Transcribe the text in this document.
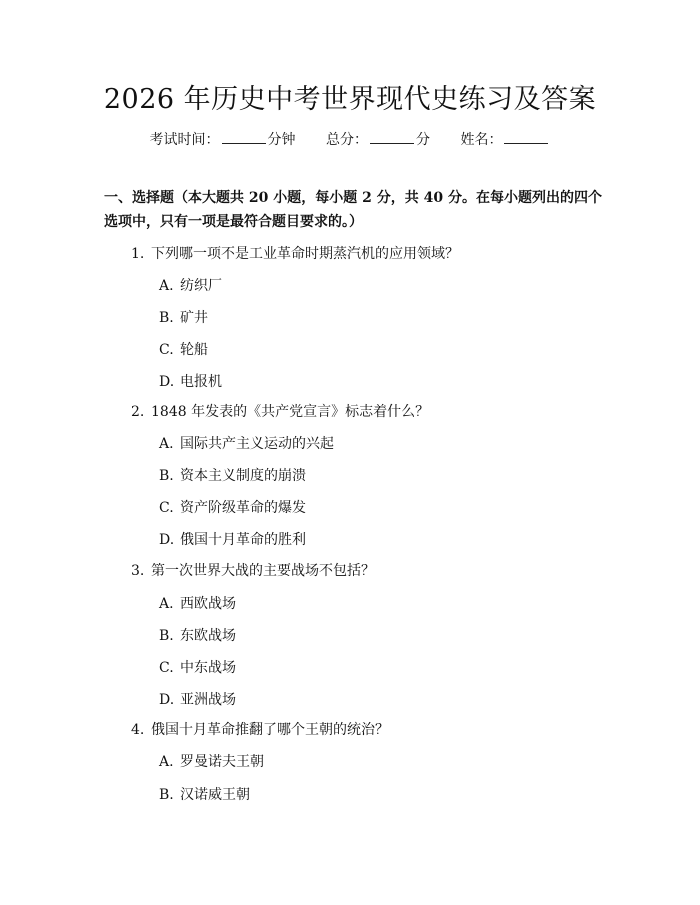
2026 年历史中考世界现代史练习及答案
考试时间：	分钟 总分：	分 姓名：
一、选择题（本大题共 20 小题，每小题 2 分，共 40 分。在每小题列出的四个选项中，只有一项是最符合题目要求的。）
1. 下列哪一项不是工业革命时期蒸汽机的应用领域？
A. 纺织厂
B. 矿井
C. 轮船
D. 电报机
2. 1848 年发表的《共产党宣言》标志着什么？
A. 国际共产主义运动的兴起
B. 资本主义制度的崩溃
C. 资产阶级革命的爆发
D. 俄国十月革命的胜利
3. 第一次世界大战的主要战场不包括？
A. 西欧战场
B. 东欧战场
C. 中东战场
D. 亚洲战场
4. 俄国十月革命推翻了哪个王朝的统治？
A. 罗曼诺夫王朝
B. 汉诺威王朝
